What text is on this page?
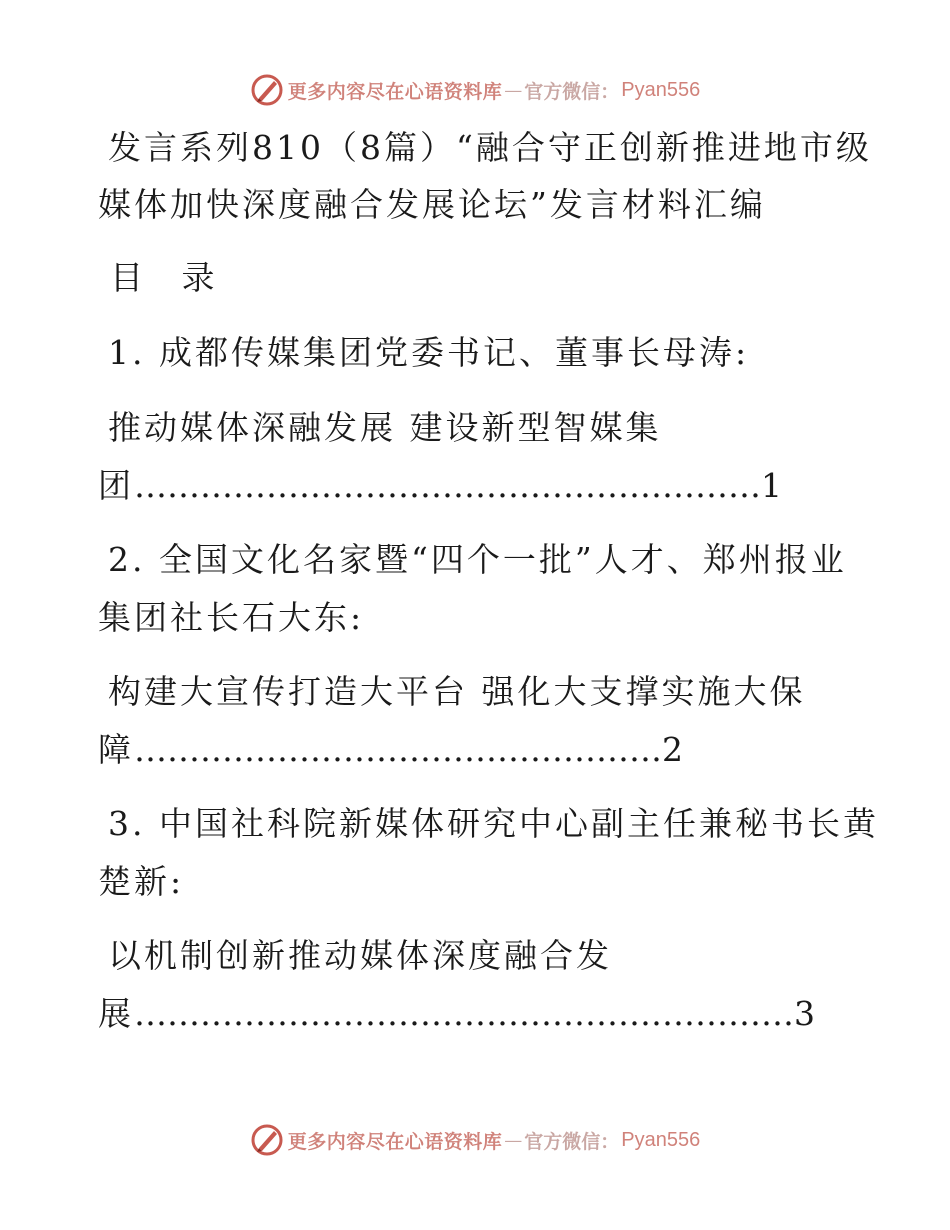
更多内容尽在心语资料库 — 官方微信： Pyan556
发言系列810（8篇）“融合守正创新推进地市级
媒体加快深度融合发展论坛”发言材料汇编
目 录
1. 成都传媒集团党委书记、董事长母涛:
推动媒体深融发展 建设新型智媒集
团…………………………………………………1
2. 全国文化名家暨“四个一批”人才、郑州报业
集团社长石大东:
构建大宣传打造大平台 强化大支撑实施大保
障…………………………………………2
3. 中国社科院新媒体研究中心副主任兼秘书长黄
楚新:
以机制创新推动媒体深度融合发
展……………………………………………………3
更多内容尽在心语资料库 — 官方微信： Pyan556
